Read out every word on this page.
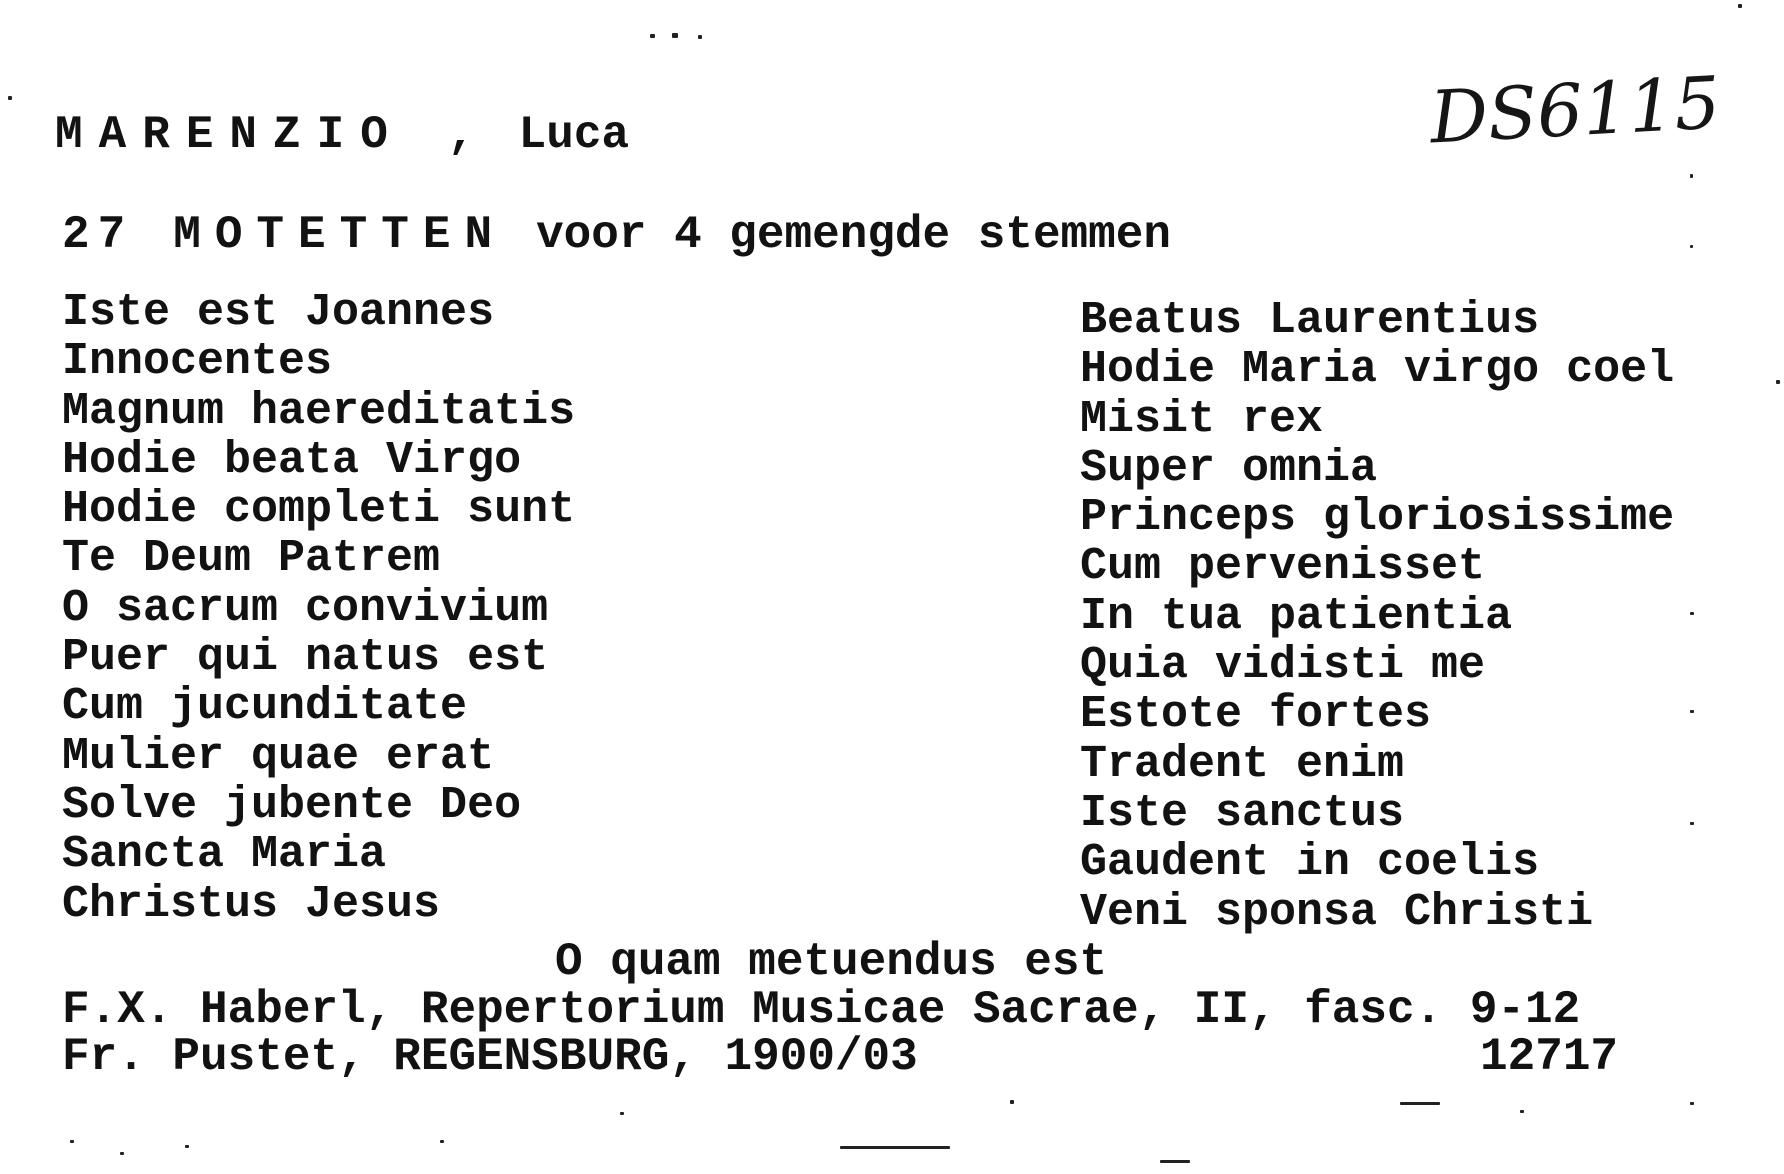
MARENZIO , Luca	DS6115
27 MOTETTEN voor 4 gemengde stemmen
Iste est Joannes
Innocentes
Magnum haereditatis
Hodie beata Virgo
Hodie completi sunt
Te Deum Patrem
O sacrum convivium
Puer qui natus est
Cum jucunditate
Mulier quae erat
Solve jubente Deo
Sancta Maria
Christus Jesus
Beatus Laurentius
Hodie Maria virgo coel
Misit rex
Super omnia
Princeps gloriosissime
Cum pervenisset
In tua patientia
Quia vidisti me
Estote fortes
Tradent enim
Iste sanctus
Gaudent in coelis
Veni sponsa Christi
O quam metuendus est
F.X. Haberl, Repertorium Musicae Sacrae, II, fasc. 9-12
Fr. Pustet, REGENSBURG, 1900/03	12717
